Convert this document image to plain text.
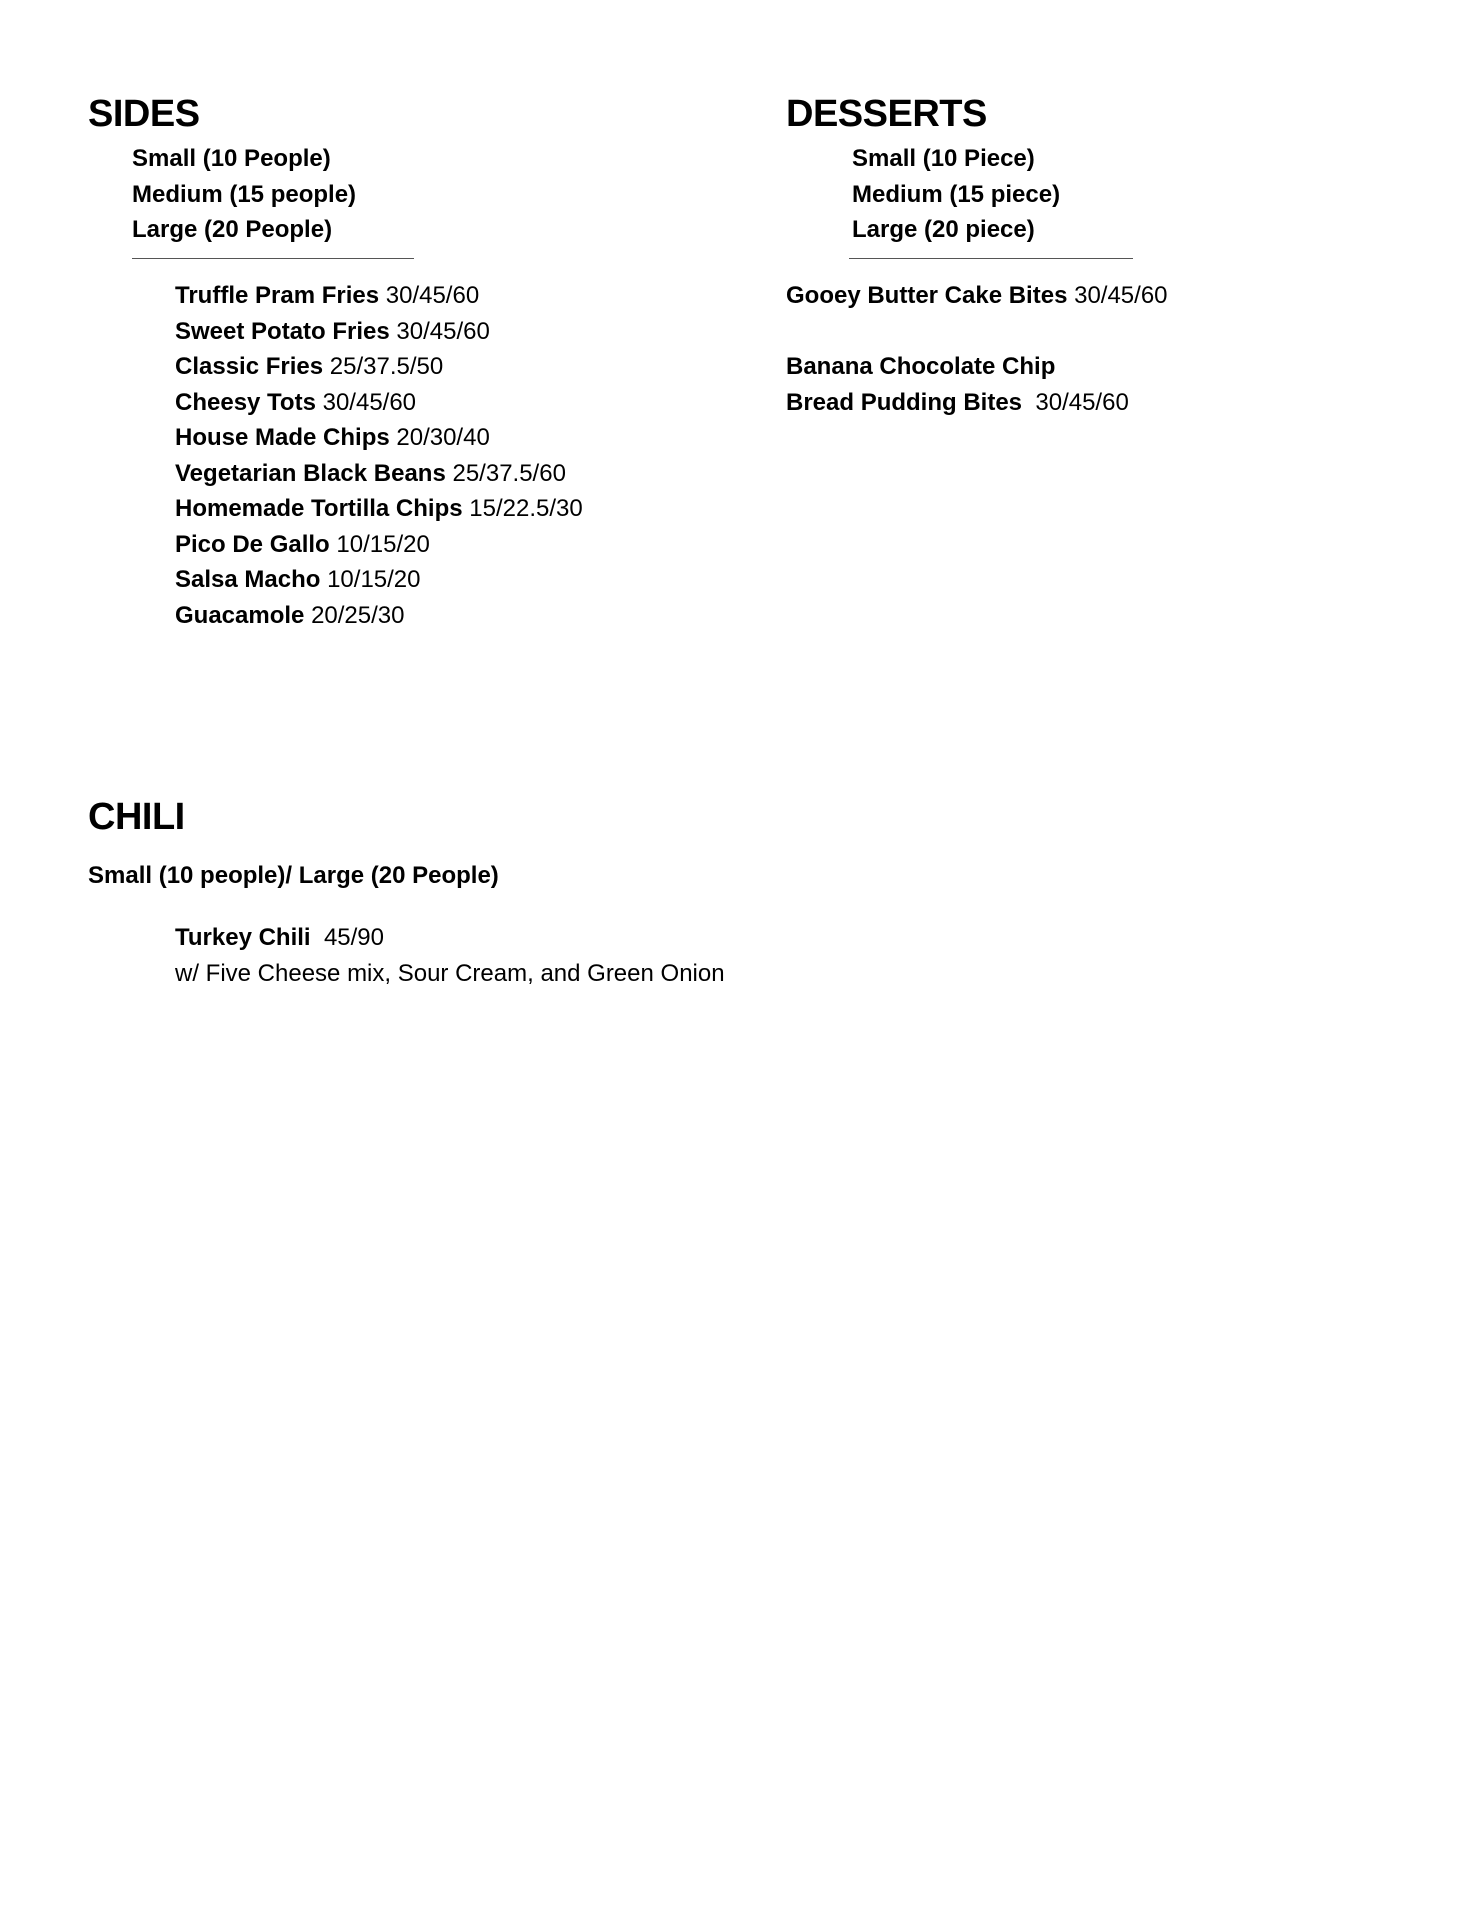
SIDES
Small (10 People)
Medium (15 people)
Large (20 People)
Truffle Pram Fries 30/45/60
Sweet Potato Fries 30/45/60
Classic Fries 25/37.5/50
Cheesy Tots 30/45/60
House Made Chips 20/30/40
Vegetarian Black Beans 25/37.5/60
Homemade Tortilla Chips 15/22.5/30
Pico De Gallo 10/15/20
Salsa Macho 10/15/20
Guacamole 20/25/30
DESSERTS
Small (10 Piece)
Medium (15 piece)
Large (20 piece)
Gooey Butter Cake Bites 30/45/60
Banana Chocolate Chip
Bread Pudding Bites 30/45/60
CHILI
Small (10 people)/ Large (20 People)
Turkey Chili 45/90
w/ Five Cheese mix, Sour Cream, and Green Onion
